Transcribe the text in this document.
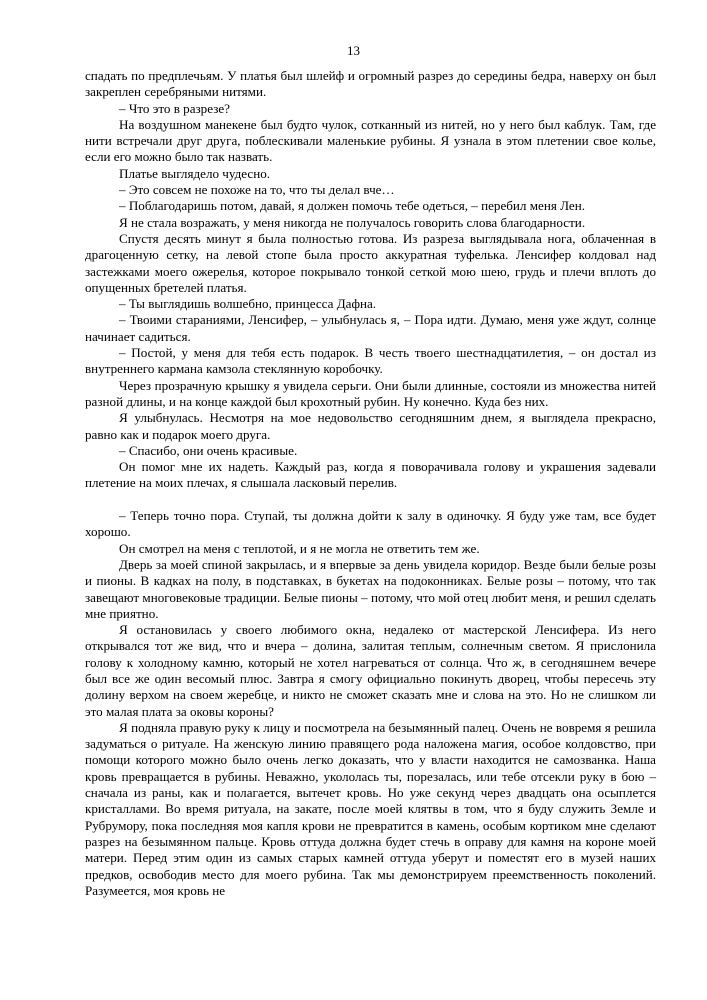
13

спадать по предплечьям. У платья был шлейф и огромный разрез до середины бедра, наверху он был закреплен серебряными нитями.

– Что это в разрезе?

На воздушном манекене был будто чулок, сотканный из нитей, но у него был каблук. Там, где нити встречали друг друга, поблескивали маленькие рубины. Я узнала в этом плетении свое колье, если его можно было так назвать.

Платье выглядело чудесно.

– Это совсем не похоже на то, что ты делал вче…

– Поблагодаришь потом, давай, я должен помочь тебе одеться, – перебил меня Лен.

Я не стала возражать, у меня никогда не получалось говорить слова благодарности.

Спустя десять минут я была полностью готова. Из разреза выглядывала нога, облаченная в драгоценную сетку, на левой стопе была просто аккуратная туфелька. Ленсифер колдовал над застежками моего ожерелья, которое покрывало тонкой сеткой мою шею, грудь и плечи вплоть до опущенных бретелей платья.

– Ты выглядишь волшебно, принцесса Дафна.

– Твоими стараниями, Ленсифер, – улыбнулась я, – Пора идти. Думаю, меня уже ждут, солнце начинает садиться.

– Постой, у меня для тебя есть подарок. В честь твоего шестнадцатилетия, – он достал из внутреннего кармана камзола стеклянную коробочку.

Через прозрачную крышку я увидела серьги. Они были длинные, состояли из множества нитей разной длины, и на конце каждой был крохотный рубин. Ну конечно. Куда без них.

Я улыбнулась. Несмотря на мое недовольство сегодняшним днем, я выглядела прекрасно, равно как и подарок моего друга.

– Спасибо, они очень красивые.

Он помог мне их надеть. Каждый раз, когда я поворачивала голову и украшения задевали плетение на моих плечах, я слышала ласковый перелив.

– Теперь точно пора. Ступай, ты должна дойти к залу в одиночку. Я буду уже там, все будет хорошо.

Он смотрел на меня с теплотой, и я не могла не ответить тем же.

Дверь за моей спиной закрылась, и я впервые за день увидела коридор. Везде были белые розы и пионы. В кадках на полу, в подставках, в букетах на подоконниках. Белые розы – потому, что так завещают многовековые традиции. Белые пионы – потому, что мой отец любит меня, и решил сделать мне приятно.

Я остановилась у своего любимого окна, недалеко от мастерской Ленсифера. Из него открывался тот же вид, что и вчера – долина, залитая теплым, солнечным светом. Я прислонила голову к холодному камню, который не хотел нагреваться от солнца. Что ж, в сегодняшнем вечере был все же один весомый плюс. Завтра я смогу официально покинуть дворец, чтобы пересечь эту долину верхом на своем жеребце, и никто не сможет сказать мне и слова на это. Но не слишком ли это малая плата за оковы короны?

Я подняла правую руку к лицу и посмотрела на безымянный палец. Очень не вовремя я решила задуматься о ритуале. На женскую линию правящего рода наложена магия, особое колдовство, при помощи которого можно было очень легко доказать, что у власти находится не самозванка. Наша кровь превращается в рубины. Неважно, укололась ты, порезалась, или тебе отсекли руку в бою – сначала из раны, как и полагается, вытечет кровь. Но уже секунд через двадцать она осыплется кристаллами. Во время ритуала, на закате, после моей клятвы в том, что я буду служить Земле и Рубрумору, пока последняя моя капля крови не превратится в камень, особым кортиком мне сделают разрез на безымянном пальце. Кровь оттуда должна будет стечь в оправу для камня на короне моей матери. Перед этим один из самых старых камней оттуда уберут и поместят его в музей наших предков, освободив место для моего рубина. Так мы демонстрируем преемственность поколений. Разумеется, моя кровь не
